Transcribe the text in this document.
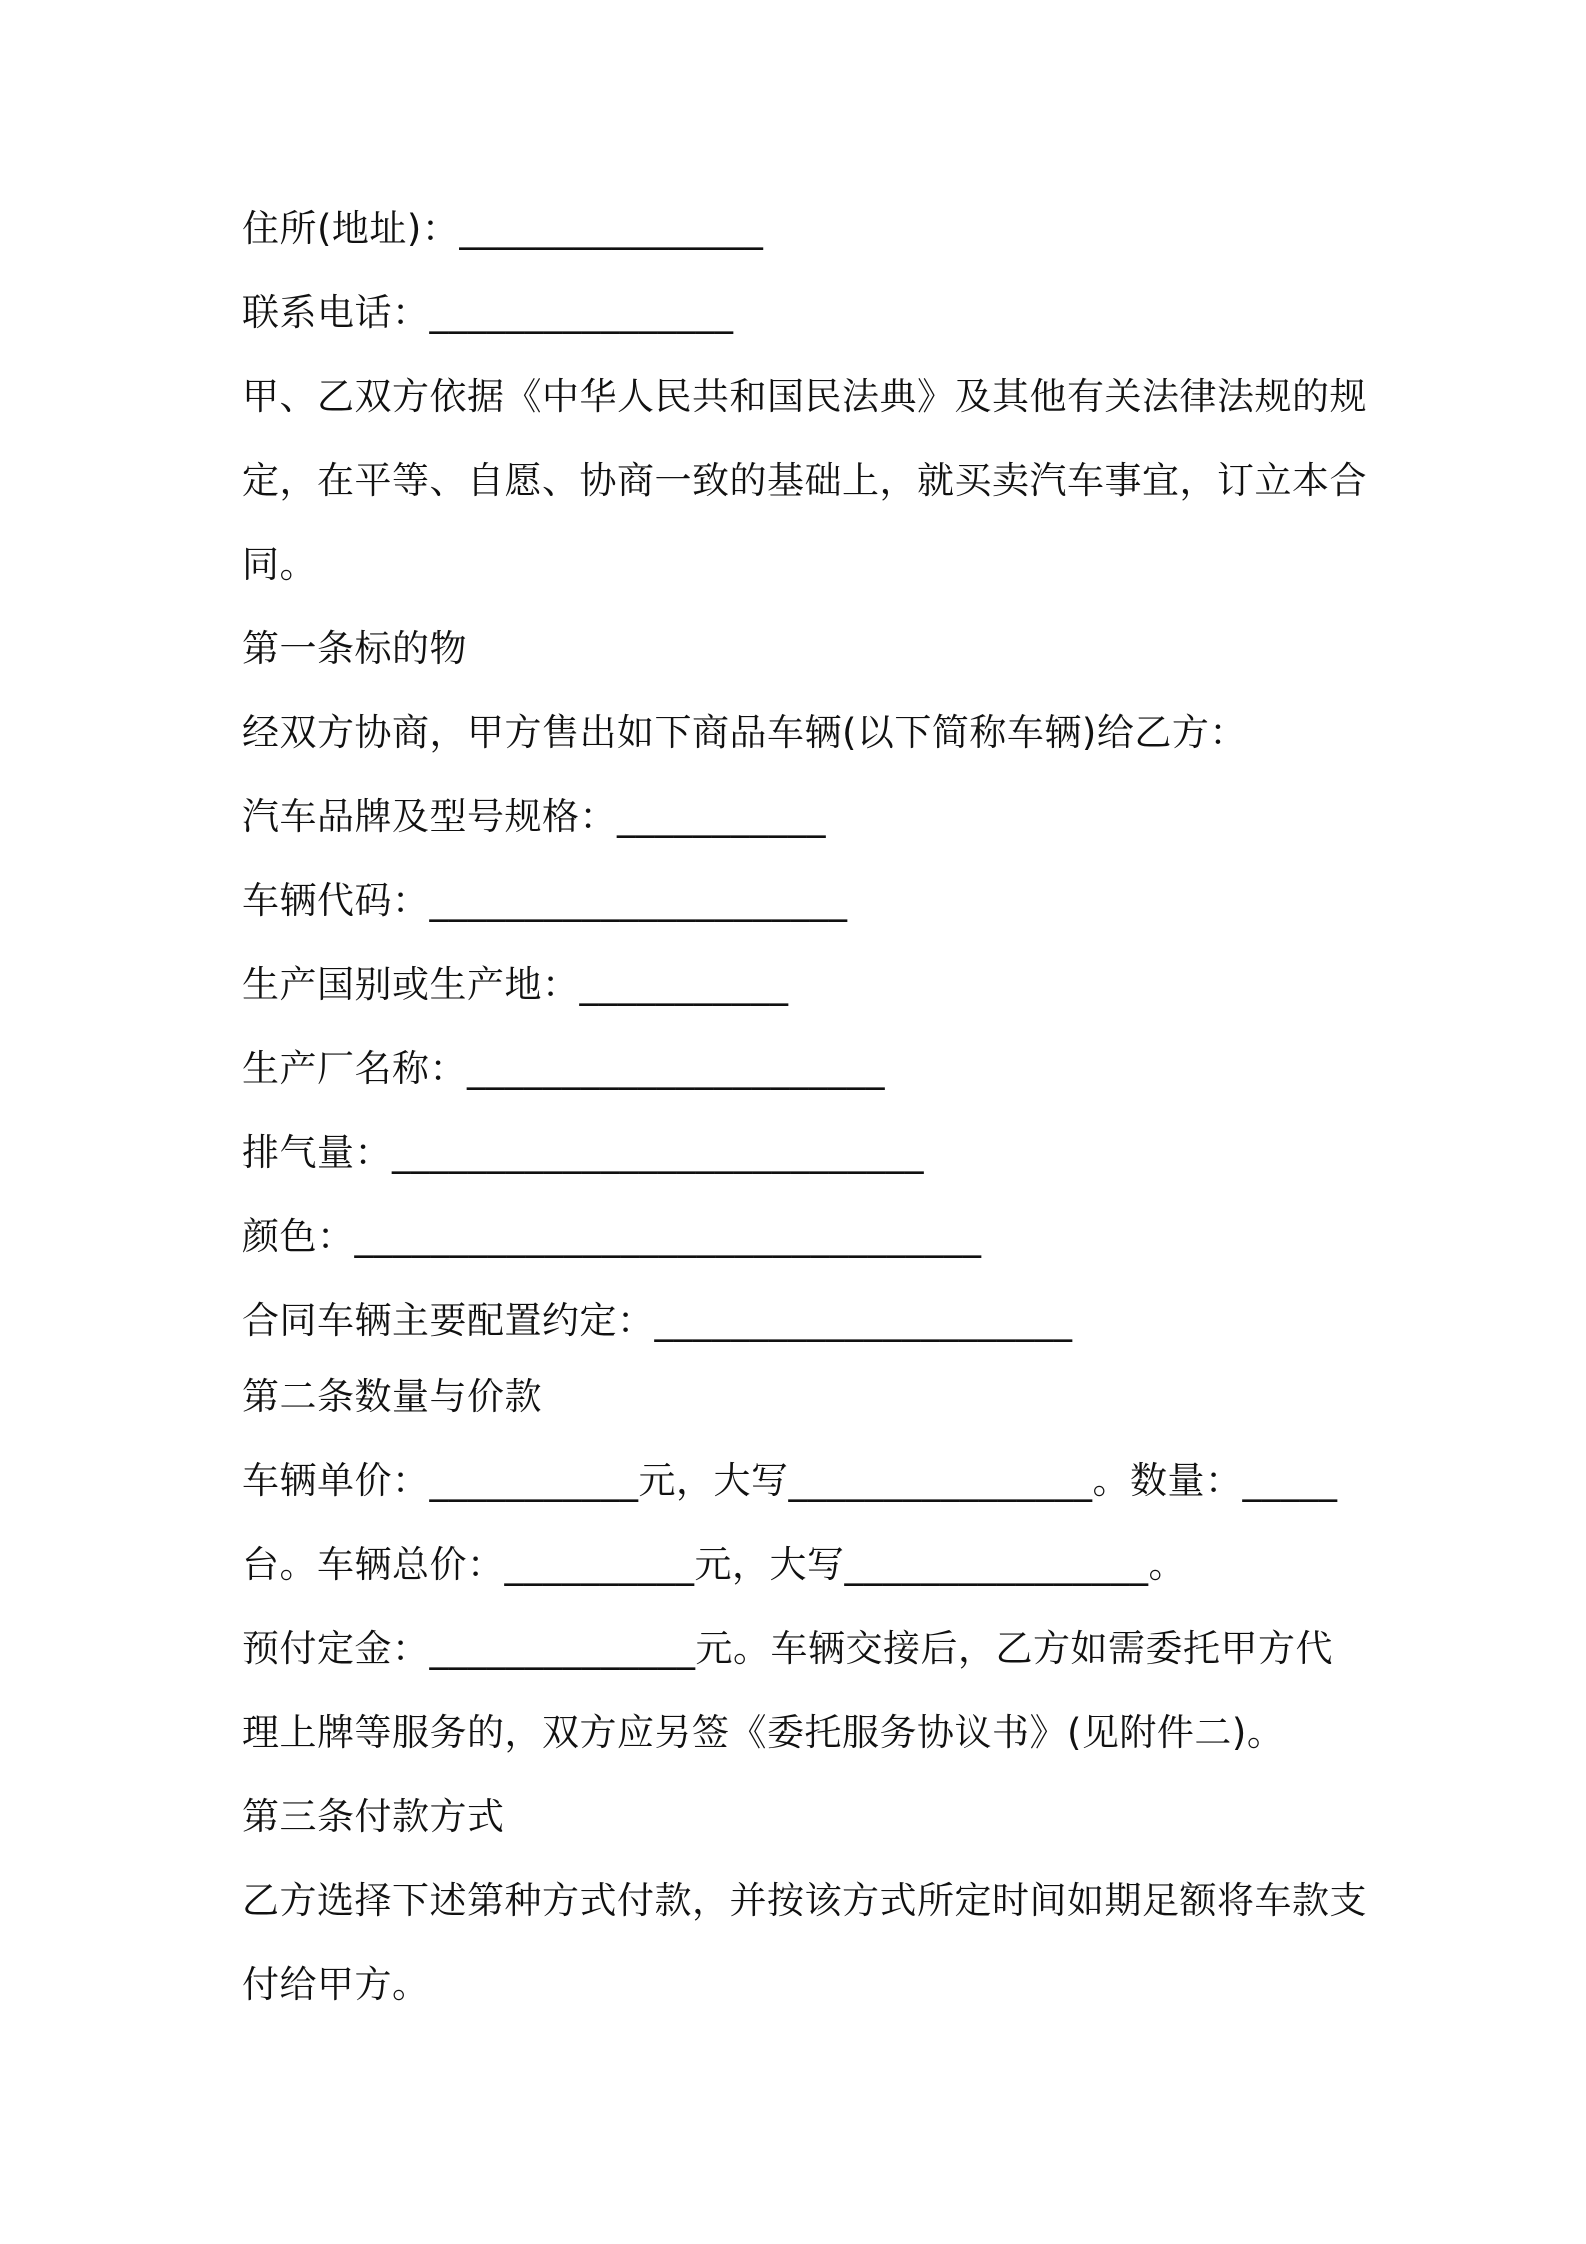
住所(地址)：________________
联系电话：________________
甲、乙双方依据《中华人民共和国民法典》及其他有关法律法规的规
定，在平等、自愿、协商一致的基础上，就买卖汽车事宜，订立本合
同。
第一条标的物
经双方协商，甲方售出如下商品车辆(以下简称车辆)给乙方：
汽车品牌及型号规格：___________
车辆代码：______________________
生产国别或生产地：___________
生产厂名称：______________________
排气量：____________________________
颜色：_________________________________
合同车辆主要配置约定：______________________
第二条数量与价款
车辆单价：___________元，大写________________。数量：_____
台。车辆总价：__________元，大写________________。
预付定金：______________元。车辆交接后，乙方如需委托甲方代
理上牌等服务的，双方应另签《委托服务协议书》(见附件二)。
第三条付款方式
乙方选择下述第种方式付款，并按该方式所定时间如期足额将车款支
付给甲方。
